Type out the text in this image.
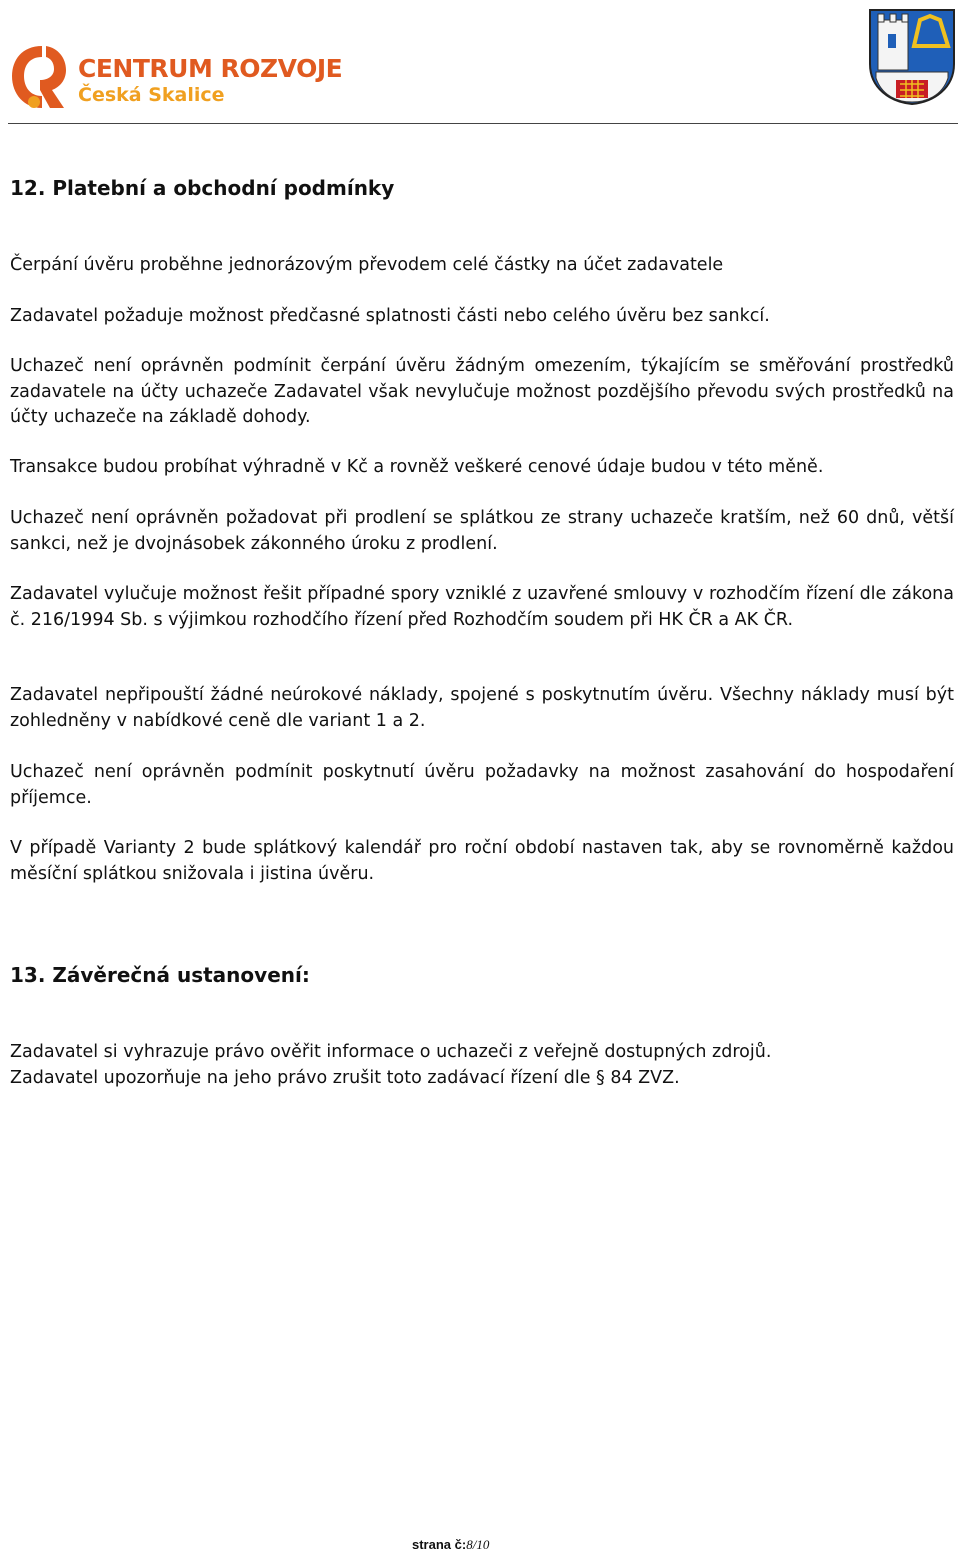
CENTRUM ROZVOJE
Česká Skalice
12. Platební a obchodní podmínky
Čerpání úvěru proběhne jednorázovým převodem celé částky na účet zadavatele
Zadavatel požaduje možnost předčasné splatnosti části nebo celého úvěru bez sankcí.
Uchazeč není oprávněn podmínit čerpání úvěru žádným omezením, týkajícím se směřování prostředků zadavatele na účty uchazeče Zadavatel však nevylučuje možnost pozdějšího převodu svých prostředků na účty uchazeče na základě dohody.
Transakce budou probíhat výhradně v Kč a rovněž veškeré cenové údaje budou v této měně.
Uchazeč není oprávněn požadovat při prodlení se splátkou ze strany uchazeče kratším, než 60 dnů, větší sankci, než je dvojnásobek zákonného úroku z prodlení.
Zadavatel vylučuje možnost řešit případné spory vzniklé z uzavřené smlouvy v rozhodčím řízení dle zákona č. 216/1994 Sb. s výjimkou rozhodčího řízení před Rozhodčím soudem při HK ČR a AK ČR.
Zadavatel nepřipouští žádné neúrokové náklady, spojené s poskytnutím úvěru. Všechny náklady musí být zohledněny v nabídkové ceně dle variant 1 a 2.
Uchazeč není oprávněn podmínit poskytnutí úvěru požadavky na možnost zasahování do hospodaření příjemce.
V případě Varianty 2 bude splátkový kalendář pro roční období nastaven tak, aby se rovnoměrně každou měsíční splátkou snižovala i jistina úvěru.
13. Závěrečná ustanovení:
Zadavatel si vyhrazuje právo ověřit informace o uchazeči z veřejně dostupných zdrojů.
Zadavatel upozorňuje na jeho právo zrušit toto zadávací řízení dle § 84 ZVZ.
strana č:8/10
